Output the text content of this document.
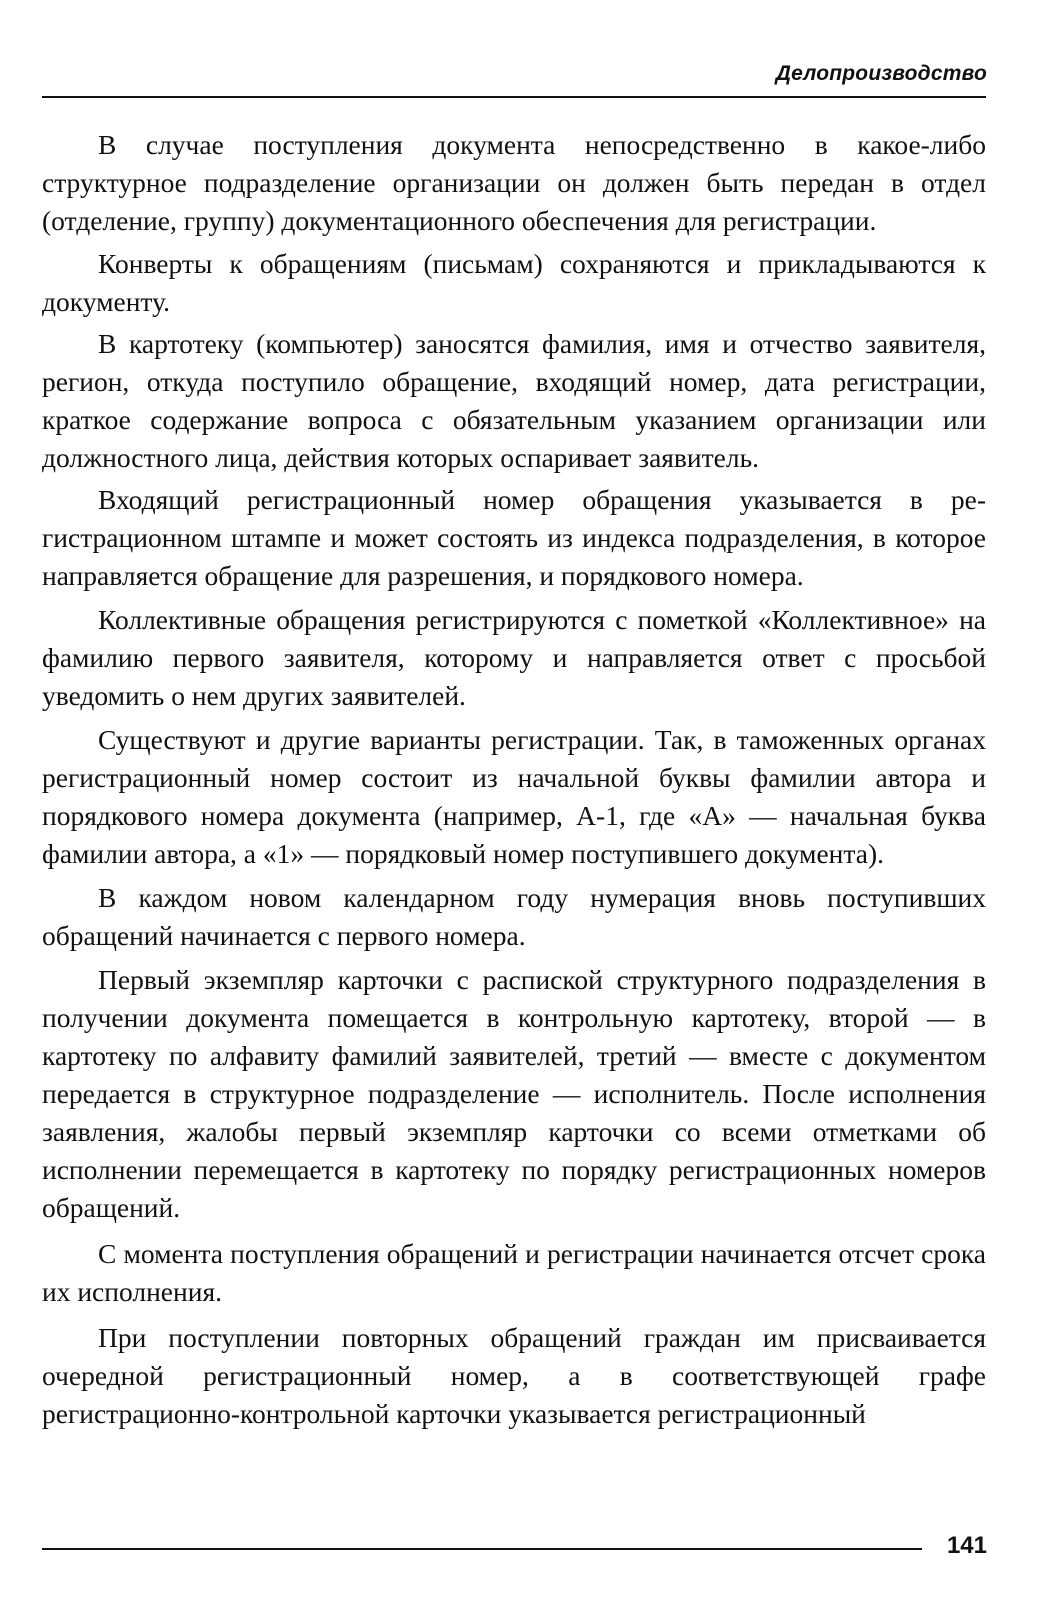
Делопроизводство

В случае поступления документа непосредственно в какое-либо структурное подразделение организации он должен быть передан в отдел (отделение, группу) документационного обеспечения для регистрации.

Конверты к обращениям (письмам) сохраняются и прикладываются к документу.

В картотеку (компьютер) заносятся фамилия, имя и отчество заявителя, регион, откуда поступило обращение, входящий номер, дата регистрации, краткое содержание вопроса с обязательным указанием организации или должностного лица, действия которых оспаривает заявитель.

Входящий регистрационный номер обращения указывается в регистрационном штампе и может состоять из индекса подразделения, в которое направляется обращение для разрешения, и порядкового номера.

Коллективные обращения регистрируются с пометкой «Коллективное» на фамилию первого заявителя, которому и направляется ответ с просьбой уведомить о нем других заявителей.

Существуют и другие варианты регистрации. Так, в таможенных органах регистрационный номер состоит из начальной буквы фамилии автора и порядкового номера документа (например, А-1, где «А» — начальная буква фамилии автора, а «1» — порядковый номер поступившего документа).

В каждом новом календарном году нумерация вновь поступивших обращений начинается с первого номера.

Первый экземпляр карточки с распиской структурного подразделения в получении документа помещается в контрольную картотеку, второй — в картотеку по алфавиту фамилий заявителей, третий — вместе с документом передается в структурное подразделение — исполнитель. После исполнения заявления, жалобы первый экземпляр карточки со всеми отметками об исполнении перемещается в картотеку по порядку регистрационных номеров обращений.

С момента поступления обращений и регистрации начинается отсчет срока их исполнения.

При поступлении повторных обращений граждан им присваивается очередной регистрационный номер, а в соответствующей графе регистрационно-контрольной карточки указывается регистрационный

141
